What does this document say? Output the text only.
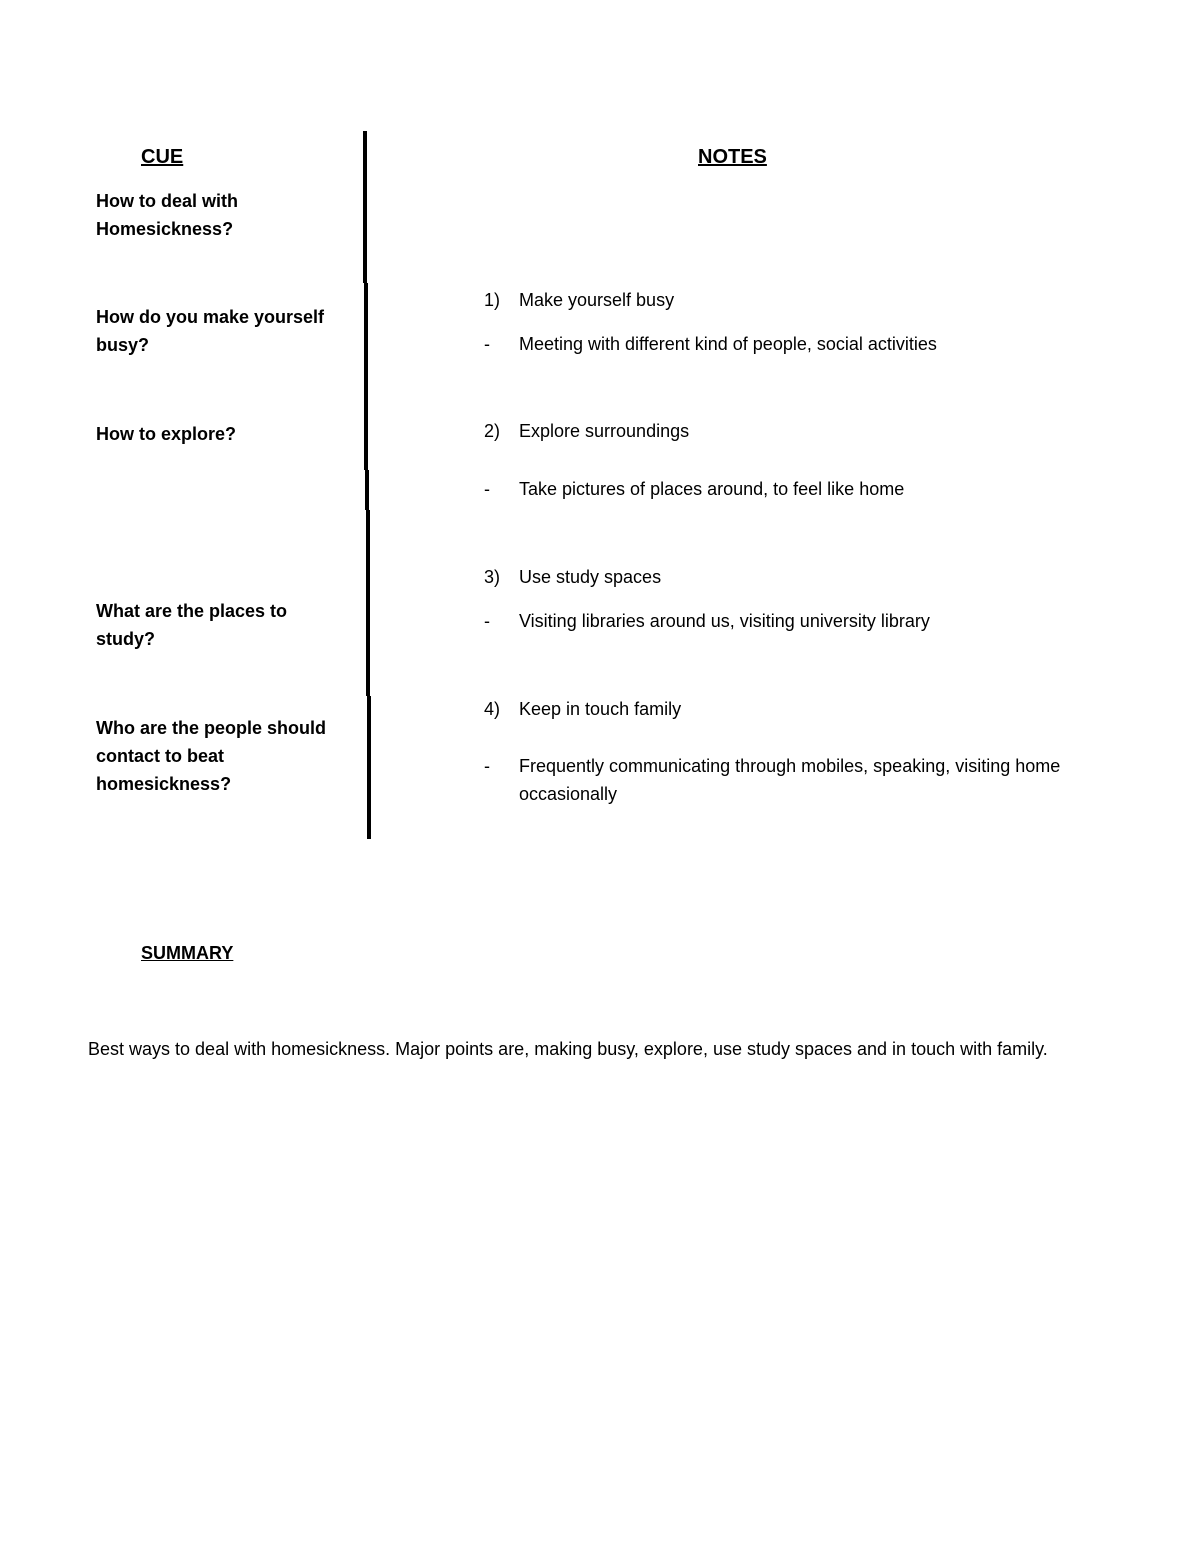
CUE	NOTES
How to deal with Homesickness?
How do you make yourself busy?
How to explore?
What are the places to study?
Who are the people should contact to beat homesickness?
1) Make yourself busy
- Meeting with different kind of people, social activities
2) Explore surroundings
- Take pictures of places around, to feel like home
3) Use study spaces
- Visiting libraries around us, visiting university library
4) Keep in touch family
- Frequently communicating through mobiles, speaking, visiting home occasionally
SUMMARY
Best ways to deal with homesickness. Major points are, making busy, explore, use study spaces and in touch with family.
